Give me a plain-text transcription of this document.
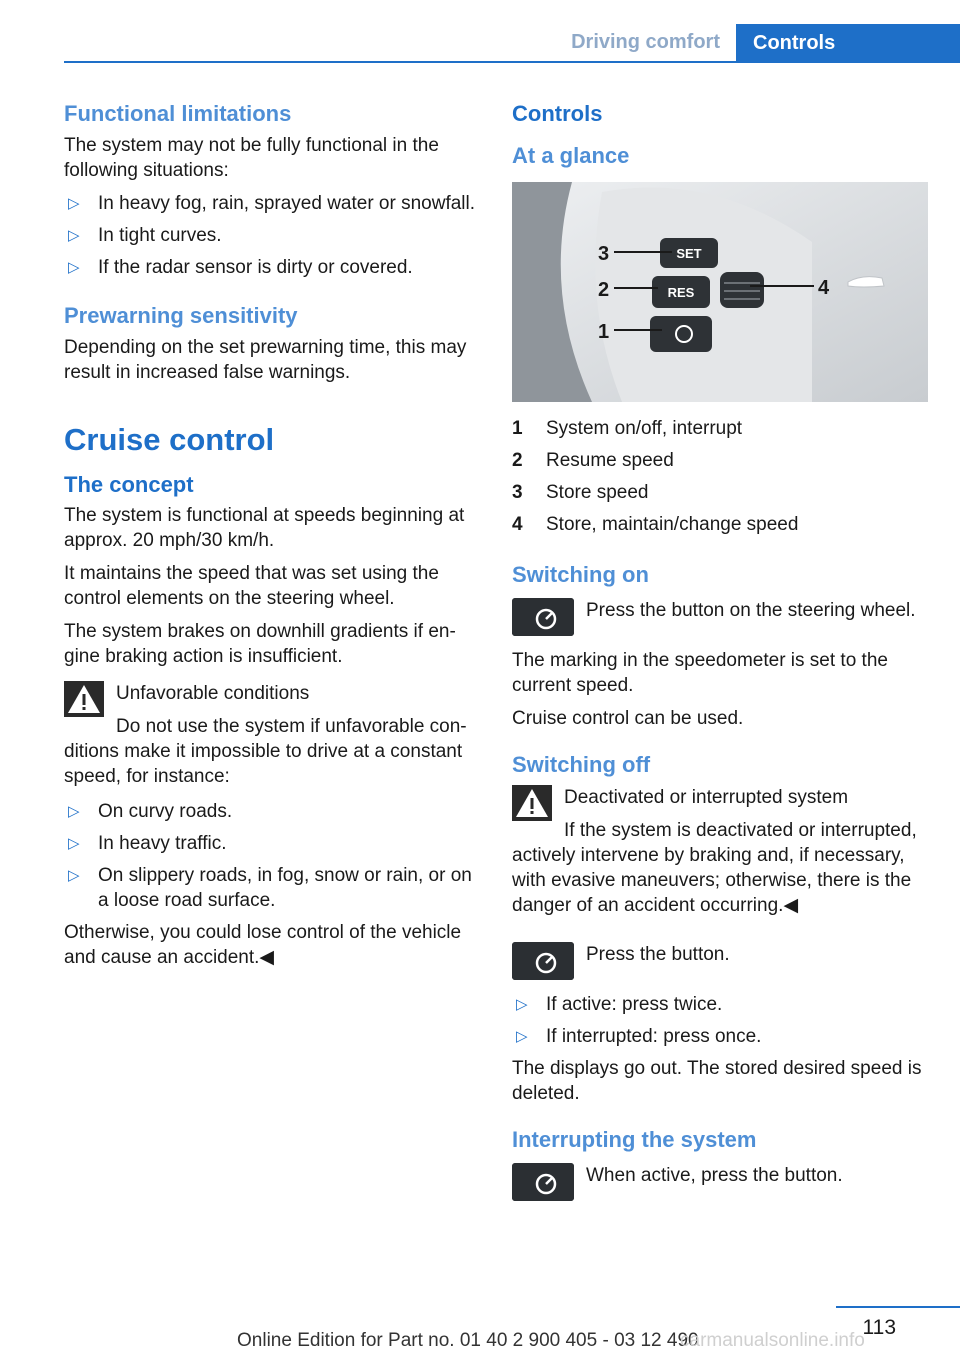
Driving comfort	Controls
Functional limitations

The system may not be fully functional in the following situations:

▷ In heavy fog, rain, sprayed water or snowfall.
▷ In tight curves.
▷ If the radar sensor is dirty or covered.
Prewarning sensitivity

Depending on the set prewarning time, this may result in increased false warnings.

Cruise control
The concept

The system is functional at speeds beginning at approx. 20 mph/30 km/h.

It maintains the speed that was set using the control elements on the steering wheel.

The system brakes on downhill gradients if en‐gine braking action is insufficient.

Unfavorable conditions
Do not use the system if unfavorable con‐
ditions make it impossible to drive at a constant speed, for instance:
▷ On curvy roads.
▷ In heavy traffic.
▷ On slippery roads, in fog, snow or rain, or on a loose road surface.

Otherwise, you could lose control of the vehicle and cause an accident.◀

Controls
At a glance
SET
RES
3
2
1
4
1	System on/off, interrupt
2	Resume speed
3	Store speed
4	Store, maintain/change speed
Switching on
Press the button on the steering wheel.

The marking in the speedometer is set to the current speed.

Cruise control can be used.

Switching off
Deactivated or interrupted system
If the system is deactivated or interrupted,
actively intervene by braking and, if necessary, with evasive maneuvers; otherwise, there is the danger of an accident occurring.◀
Press the button.
▷ If active: press twice.
▷ If interrupted: press once.

The displays go out. The stored desired speed is deleted.

Interrupting the system
When active, press the button.
113
Online Edition for Part no. 01 40 2 900 405 - 03 12 490
carmanualsonline.info
